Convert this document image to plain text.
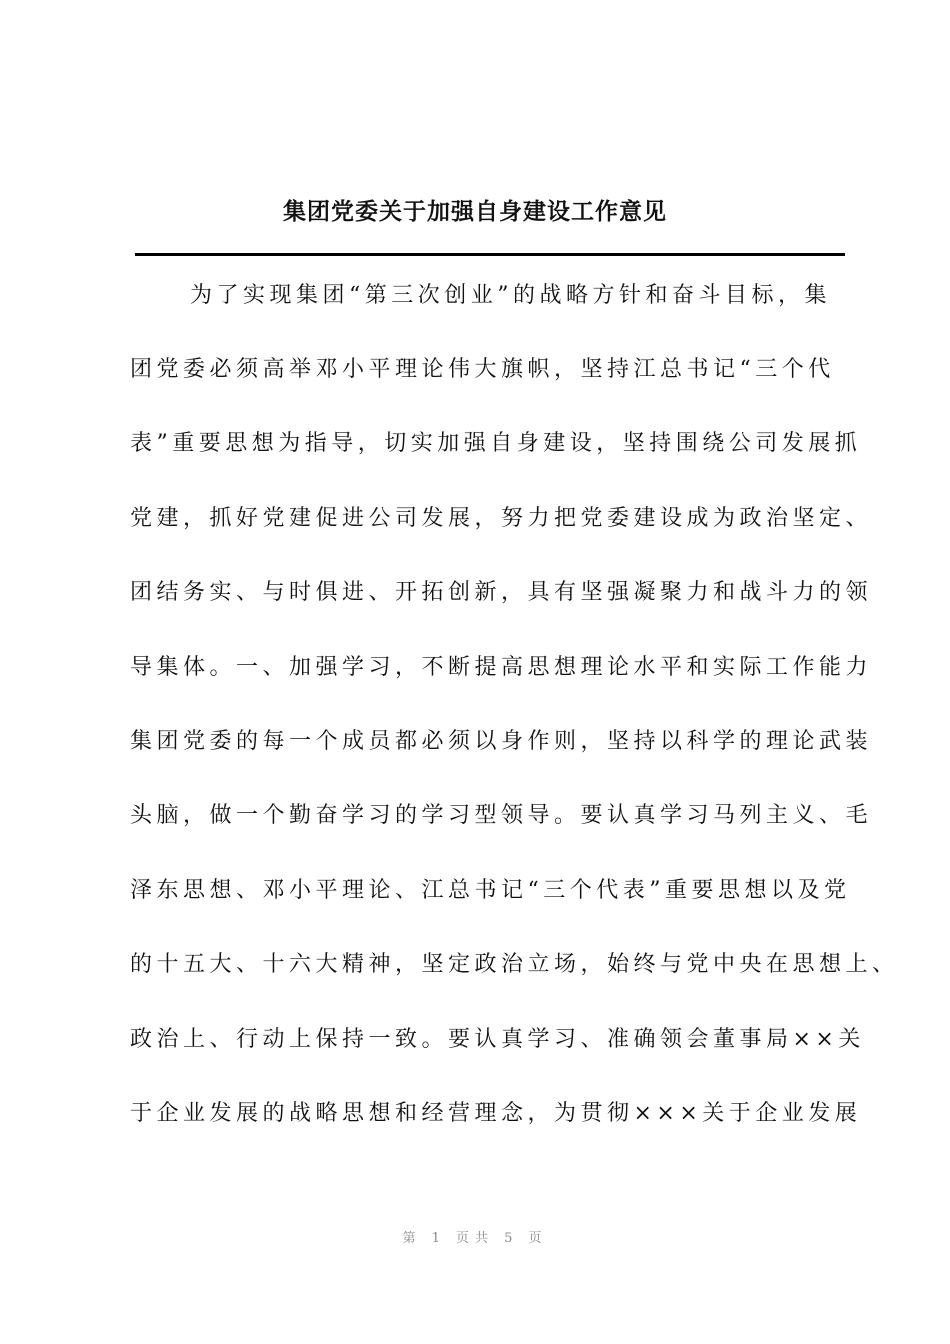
集团党委关于加强自身建设工作意见
为了实现集团“第三次创业”的战略方针和奋斗目标，集
团党委必须高举邓小平理论伟大旗帜，坚持江总书记“三个代
表”重要思想为指导，切实加强自身建设，坚持围绕公司发展抓
党建，抓好党建促进公司发展，努力把党委建设成为政治坚定、
团结务实、与时俱进、开拓创新，具有坚强凝聚力和战斗力的领
导集体。一、加强学习，不断提高思想理论水平和实际工作能力
集团党委的每一个成员都必须以身作则，坚持以科学的理论武装
头脑，做一个勤奋学习的学习型领导。要认真学习马列主义、毛
泽东思想、邓小平理论、江总书记“三个代表”重要思想以及党
的十五大、十六大精神，坚定政治立场，始终与党中央在思想上、
政治上、行动上保持一致。要认真学习、准确领会董事局××关
于企业发展的战略思想和经营理念，为贯彻×××关于企业发展
第 1 页共 5 页
